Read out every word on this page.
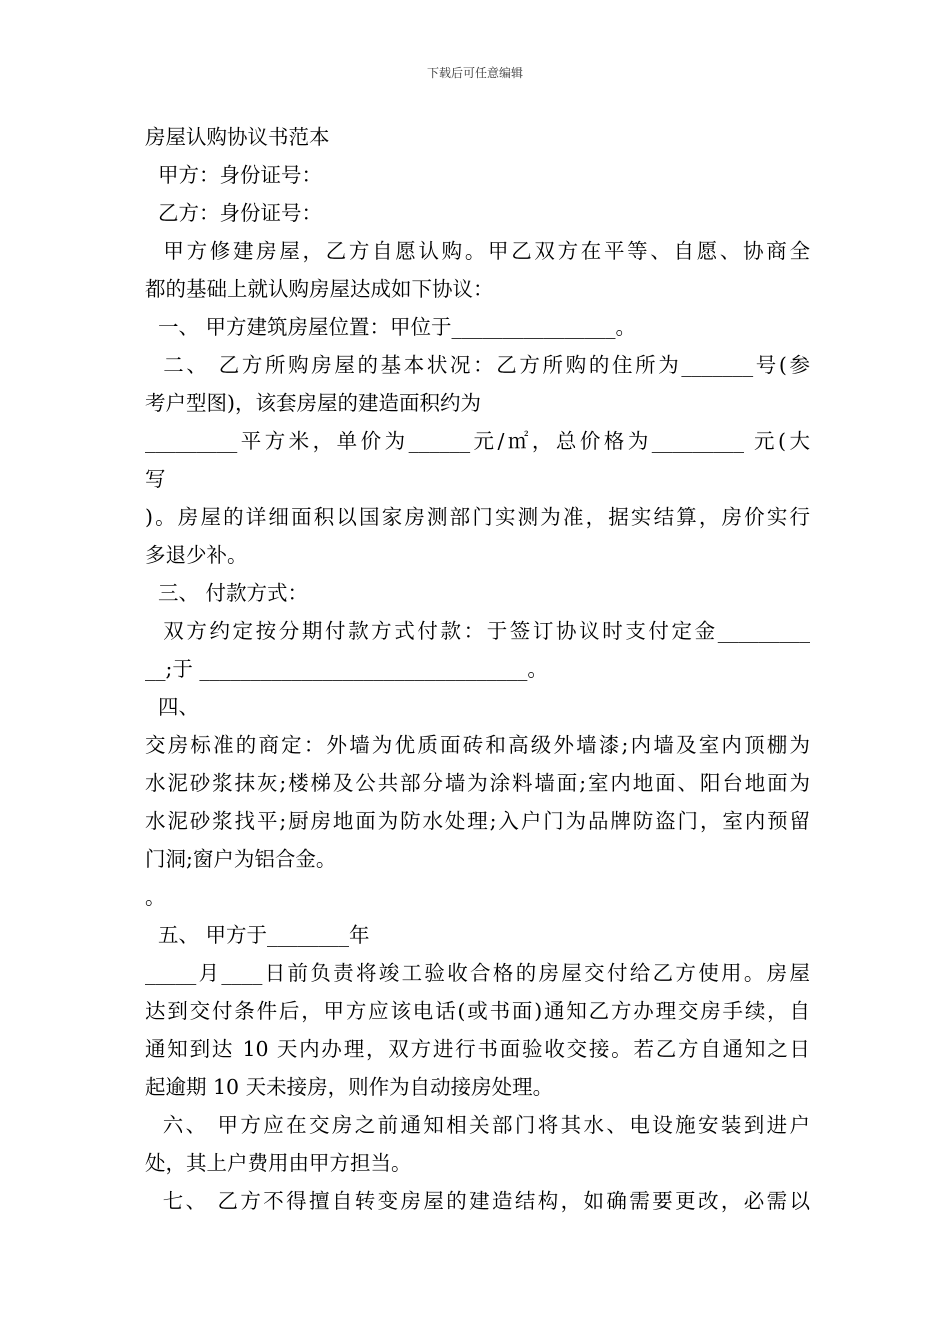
下载后可任意编辑
房屋认购协议书范本
甲方：身份证号：
乙方：身份证号：
甲方修建房屋，乙方自愿认购。甲乙双方在平等、自愿、协商全
都的基础上就认购房屋达成如下协议：
一、 甲方建筑房屋位置：甲位于________________。
二、 乙方所购房屋的基本状况：乙方所购的住所为_______号(参
考户型图)，该套房屋的建造面积约为
_________平方米，单价为______元/㎡，总价格为_________ 元(大
写
)。房屋的详细面积以国家房测部门实测为准，据实结算，房价实行
多退少补。
三、 付款方式：
双方约定按分期付款方式付款：于签订协议时支付定金_________
__;于 ________________________________。
四、
交房标准的商定：外墙为优质面砖和高级外墙漆;内墙及室内顶棚为
水泥砂浆抹灰;楼梯及公共部分墙为涂料墙面;室内地面、阳台地面为
水泥砂浆找平;厨房地面为防水处理;入户门为品牌防盗门，室内预留
门洞;窗户为铝合金。
。
五、 甲方于________年
_____月____日前负责将竣工验收合格的房屋交付给乙方使用。房屋
达到交付条件后，甲方应该电话(或书面)通知乙方办理交房手续，自
通知到达 10 天内办理，双方进行书面验收交接。若乙方自通知之日
起逾期 10 天未接房，则作为自动接房处理。
六、 甲方应在交房之前通知相关部门将其水、电设施安装到进户
处，其上户费用由甲方担当。
七、 乙方不得擅自转变房屋的建造结构，如确需要更改，必需以
